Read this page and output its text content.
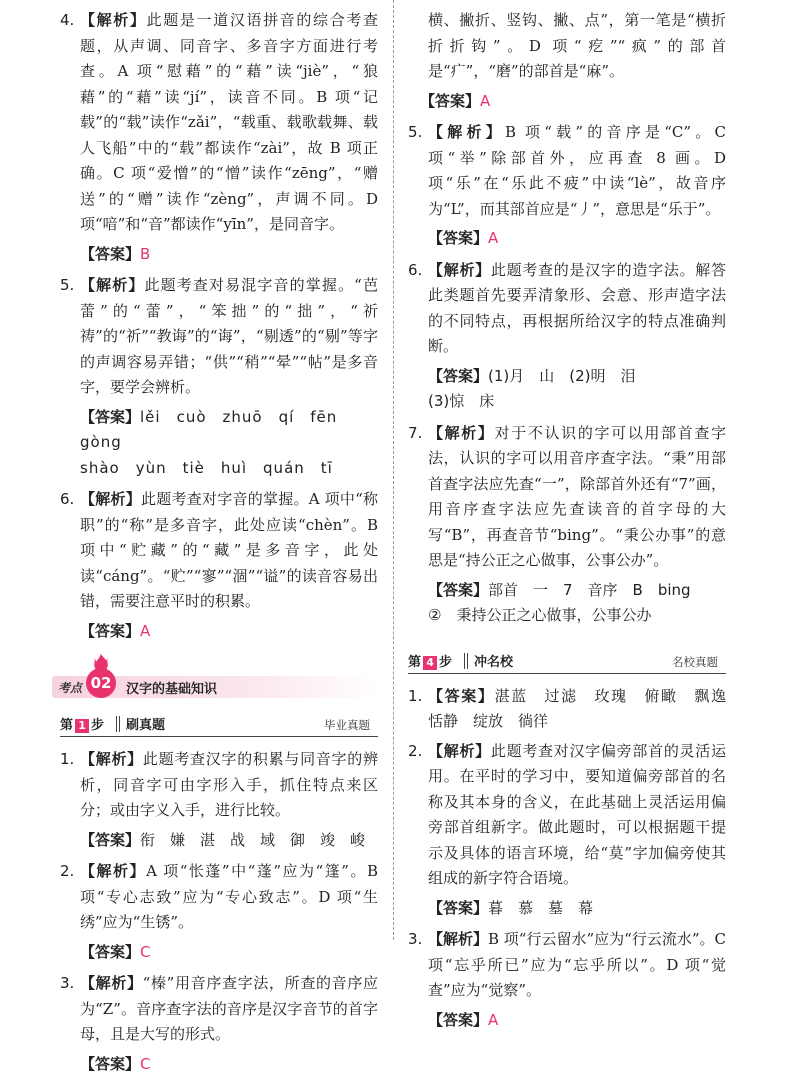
4. 【解析】此题是一道汉语拼音的综合考查题，从声调、同音字、多音字方面进行考查。A 项“慰藉”的“藉”读“jiè”，“狼藉”的“藉”读“jí”，读音不同。B 项“记载”的“载”读作“zǎi”，“载重、载歌载舞、载人飞船”中的“载”都读作“zài”，故 B 项正确。C 项“爱憎”的“憎”读作“zēng”，“赠送”的“赠”读作“zèng”，声调不同。D 项“喑”和“音”都读作“yīn”，是同音字。
【答案】B
5. 【解析】此题考查对易混字音的掌握。“芭蕾”的“蕾”，“笨拙”的“拙”，“祈祷”的“祈”“教诲”的“诲”，“剔透”的“剔”等字的声调容易弄错；“供”“稍”“晕”“帖”是多音字，要学会辨析。
【答案】lěi　cuò　zhuō　qí　fēn　gòng
shào　yùn　tiè　huì　quán　tī
6. 【解析】此题考查对字音的掌握。A 项中“称职”的“称”是多音字，此处应读“chèn”。B 项中“贮藏”的“藏”是多音字，此处读“cáng”。“贮”“寥”“涸”“谥”的读音容易出错，需要注意平时的积累。
【答案】A
考点 02	汉字的基础知识
第 1 步 刷真题	毕业真题
1. 【解析】此题考查汉字的积累与同音字的辨析，同音字可由字形入手，抓住特点来区分；或由字义入手，进行比较。
【答案】衔　嫌　湛　战　域　御　竣　峻
2. 【解析】A 项“怅蓬”中“蓬”应为“篷”。B 项“专心志致”应为“专心致志”。D 项“生绣”应为“生锈”。
【答案】C
3. 【解析】“榛”用音序查字法，所查的音序应为“Z”。音序查字法的音序是汉字音节的首字母，且是大写的形式。
【答案】C
横、撇折、竖钩、撇、点”，第一笔是“横折折折钩”。D 项“疙”“疯”的部首是“疒”，“磨”的部首是“麻”。
【答案】A
5. 【解析】B 项“载”的音序是“C”。C 项“举”除部首外，应再查 8 画。D 项“乐”在“乐此不疲”中读“lè”，故音序为“L”，而其部首应是“丿”，意思是“乐于”。
【答案】A
6. 【解析】此题考查的是汉字的造字法。解答此类题首先要弄清象形、会意、形声造字法的不同特点，再根据所给汉字的特点准确判断。
【答案】(1)月　山　(2)明　泪
(3)惊　床
7. 【解析】对于不认识的字可以用部首查字法，认识的字可以用音序查字法。“秉”用部首查字法应先查“一”，除部首外还有“7”画，用音序查字法应先查读音的首字母的大写“B”，再查音节“bing”。“秉公办事”的意思是“持公正之心做事，公事公办”。
【答案】部首　一　7　音序　B　bing
②　秉持公正之心做事，公事公办
第 4 步 冲名校	名校真题
1. 【答案】湛蓝　过滤　玫瑰　俯瞰　飘逸　恬静　绽放　徜徉
2. 【解析】此题考查对汉字偏旁部首的灵活运用。在平时的学习中，要知道偏旁部首的名称及其本身的含义，在此基础上灵活运用偏旁部首组新字。做此题时，可以根据题干提示及具体的语言环境，给“莫”字加偏旁使其组成的新字符合语境。
【答案】暮　慕　墓　幕
3. 【解析】B 项“行云留水”应为“行云流水”。C 项“忘乎所已”应为“忘乎所以”。D 项“觉查”应为“觉察”。
【答案】A
